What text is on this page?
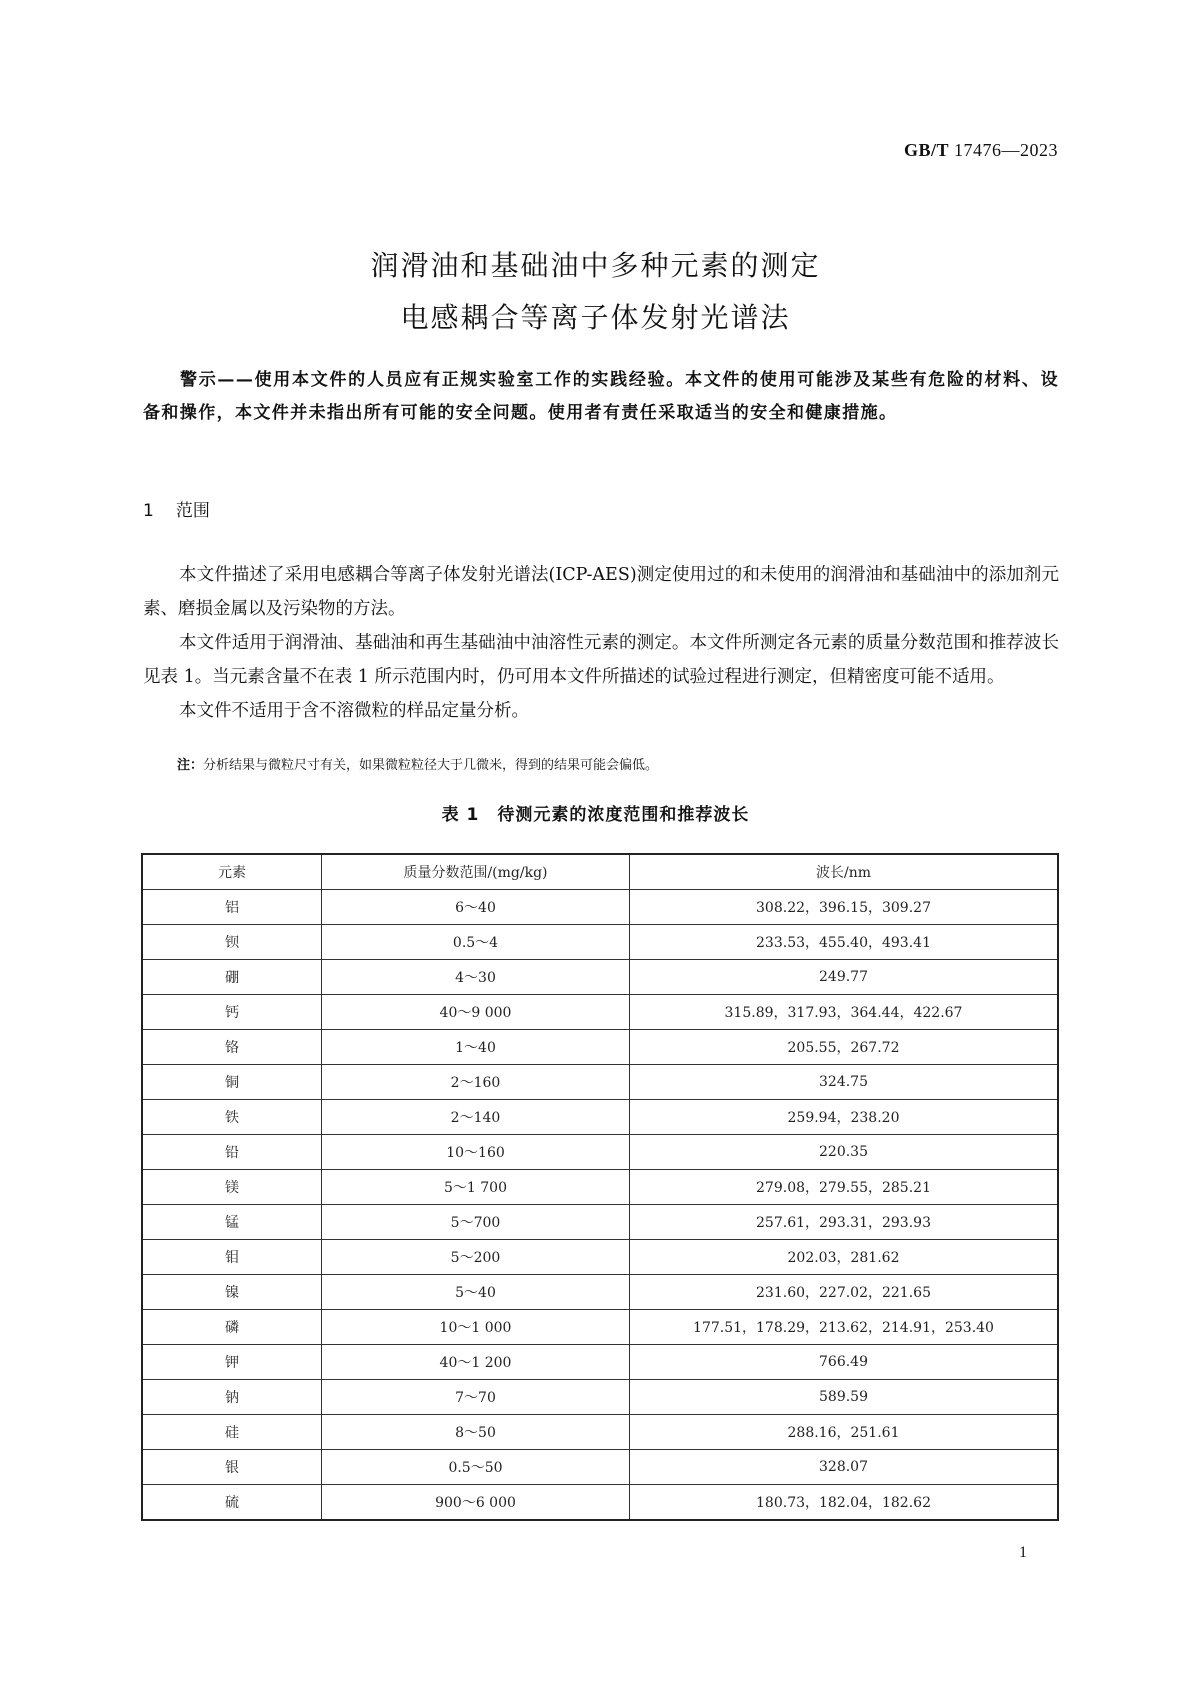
GB/T 17476—2023
润滑油和基础油中多种元素的测定
电感耦合等离子体发射光谱法

警示——使用本文件的人员应有正规实验室工作的实践经验。本文件的使用可能涉及某些有危险的材料、设备和操作，本文件并未指出所有可能的安全问题。使用者有责任采取适当的安全和健康措施。

1 范围

本文件描述了采用电感耦合等离子体发射光谱法(ICP-AES)测定使用过的和未使用的润滑油和基础油中的添加剂元素、磨损金属以及污染物的方法。

本文件适用于润滑油、基础油和再生基础油中油溶性元素的测定。本文件所测定各元素的质量分数范围和推荐波长见表 1。当元素含量不在表 1 所示范围内时，仍可用本文件所描述的试验过程进行测定，但精密度可能不适用。

本文件不适用于含不溶微粒的样品定量分析。

注：分析结果与微粒尺寸有关，如果微粒粒径大于几微米，得到的结果可能会偏低。
表 1 待测元素的浓度范围和推荐波长
元素	质量分数范围/(mg/kg)	波长/nm
铝	6～40	308.22，396.15，309.27
钡	0.5～4	233.53，455.40，493.41
硼	4～30	249.77
钙	40～9 000	315.89，317.93，364.44，422.67
铬	1～40	205.55，267.72
铜	2～160	324.75
铁	2～140	259.94，238.20
铅	10～160	220.35
镁	5～1 700	279.08，279.55，285.21
锰	5～700	257.61，293.31，293.93
钼	5～200	202.03，281.62
镍	5～40	231.60，227.02，221.65
磷	10～1 000	177.51，178.29，213.62，214.91，253.40
钾	40～1 200	766.49
钠	7～70	589.59
硅	8～50	288.16，251.61
银	0.5～50	328.07
硫	900～6 000	180.73，182.04，182.62
1
